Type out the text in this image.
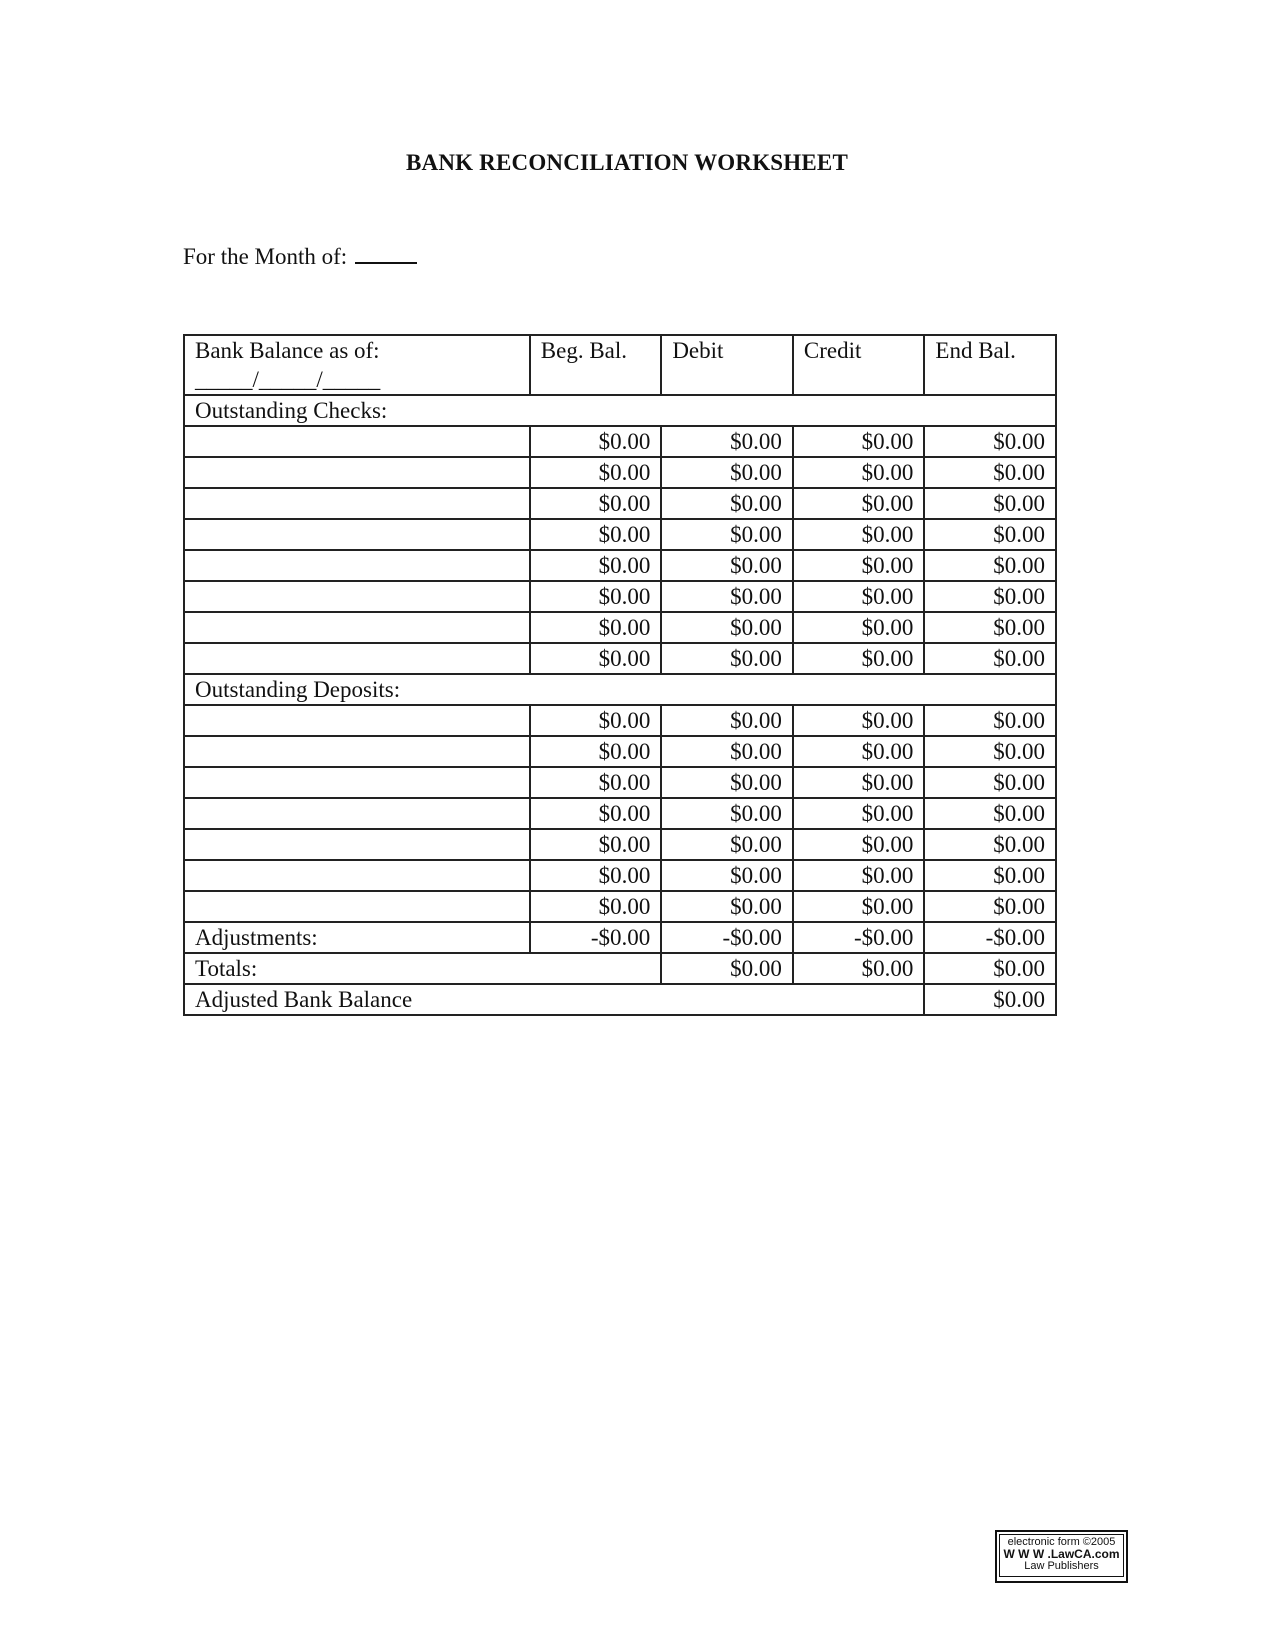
BANK RECONCILIATION WORKSHEET
For the Month of:
Bank Balance as of:
_____/_____/_____	Beg. Bal.	Debit	Credit	End Bal.
Outstanding Checks:				
	$0.00	$0.00	$0.00	$0.00
	$0.00	$0.00	$0.00	$0.00
	$0.00	$0.00	$0.00	$0.00
	$0.00	$0.00	$0.00	$0.00
	$0.00	$0.00	$0.00	$0.00
	$0.00	$0.00	$0.00	$0.00
	$0.00	$0.00	$0.00	$0.00
	$0.00	$0.00	$0.00	$0.00
Outstanding Deposits:				
	$0.00	$0.00	$0.00	$0.00
	$0.00	$0.00	$0.00	$0.00
	$0.00	$0.00	$0.00	$0.00
	$0.00	$0.00	$0.00	$0.00
	$0.00	$0.00	$0.00	$0.00
	$0.00	$0.00	$0.00	$0.00
	$0.00	$0.00	$0.00	$0.00
Adjustments:	-$0.00	-$0.00	-$0.00	-$0.00
Totals:		$0.00	$0.00	$0.00
Adjusted Bank Balance				$0.00
electronic form ©2005
W W W .LawCA.com
Law Publishers
